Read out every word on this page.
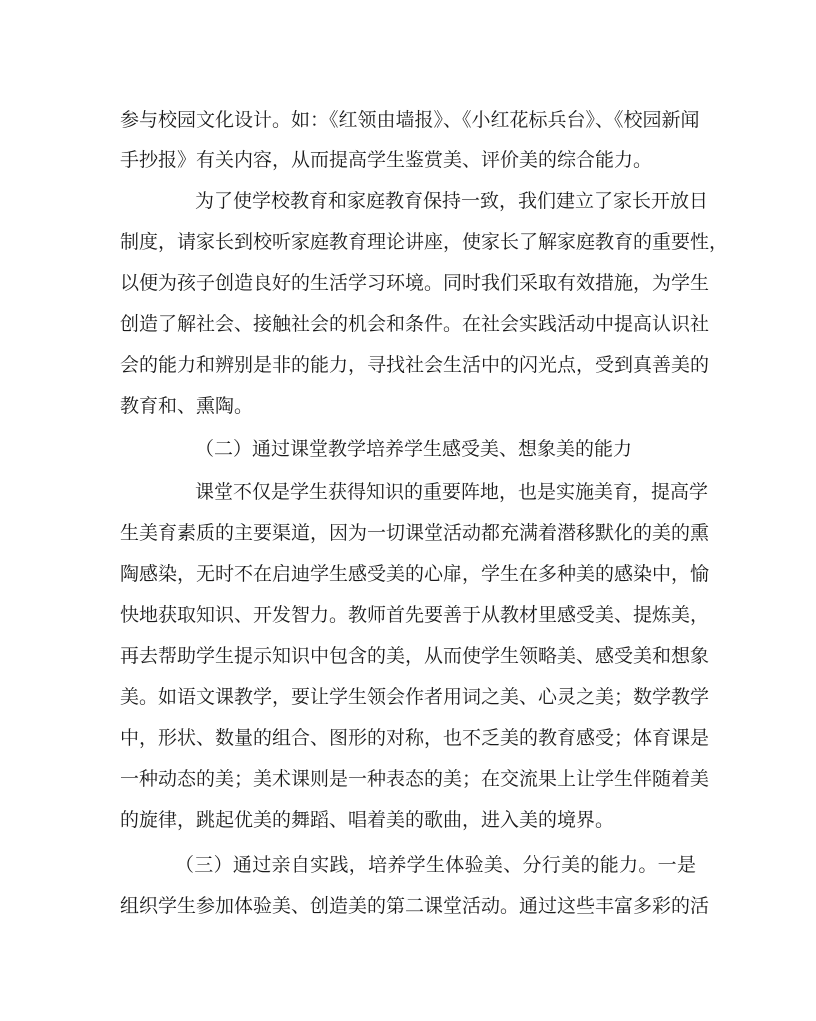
参与校园文化设计。如：《红领由墙报》、《小红花标兵台》、《校园新闻
手抄报》有关内容，从而提高学生鉴赏美、评价美的综合能力。
为了使学校教育和家庭教育保持一致，我们建立了家长开放日
制度，请家长到校听家庭教育理论讲座，使家长了解家庭教育的重要性，
以便为孩子创造良好的生活学习环境。同时我们采取有效措施，为学生
创造了解社会、接触社会的机会和条件。在社会实践活动中提高认识社
会的能力和辨别是非的能力，寻找社会生活中的闪光点，受到真善美的
教育和、熏陶。
（二）通过课堂教学培养学生感受美、想象美的能力
课堂不仅是学生获得知识的重要阵地，也是实施美育，提高学
生美育素质的主要渠道，因为一切课堂活动都充满着潜移默化的美的熏
陶感染，无时不在启迪学生感受美的心扉，学生在多种美的感染中，愉
快地获取知识、开发智力。教师首先要善于从教材里感受美、提炼美，
再去帮助学生提示知识中包含的美，从而使学生领略美、感受美和想象
美。如语文课教学，要让学生领会作者用词之美、心灵之美；数学教学
中，形状、数量的组合、图形的对称，也不乏美的教育感受；体育课是
一种动态的美；美术课则是一种表态的美；在交流果上让学生伴随着美
的旋律，跳起优美的舞蹈、唱着美的歌曲，进入美的境界。
（三）通过亲自实践，培养学生体验美、分行美的能力。一是
组织学生参加体验美、创造美的第二课堂活动。通过这些丰富多彩的活
